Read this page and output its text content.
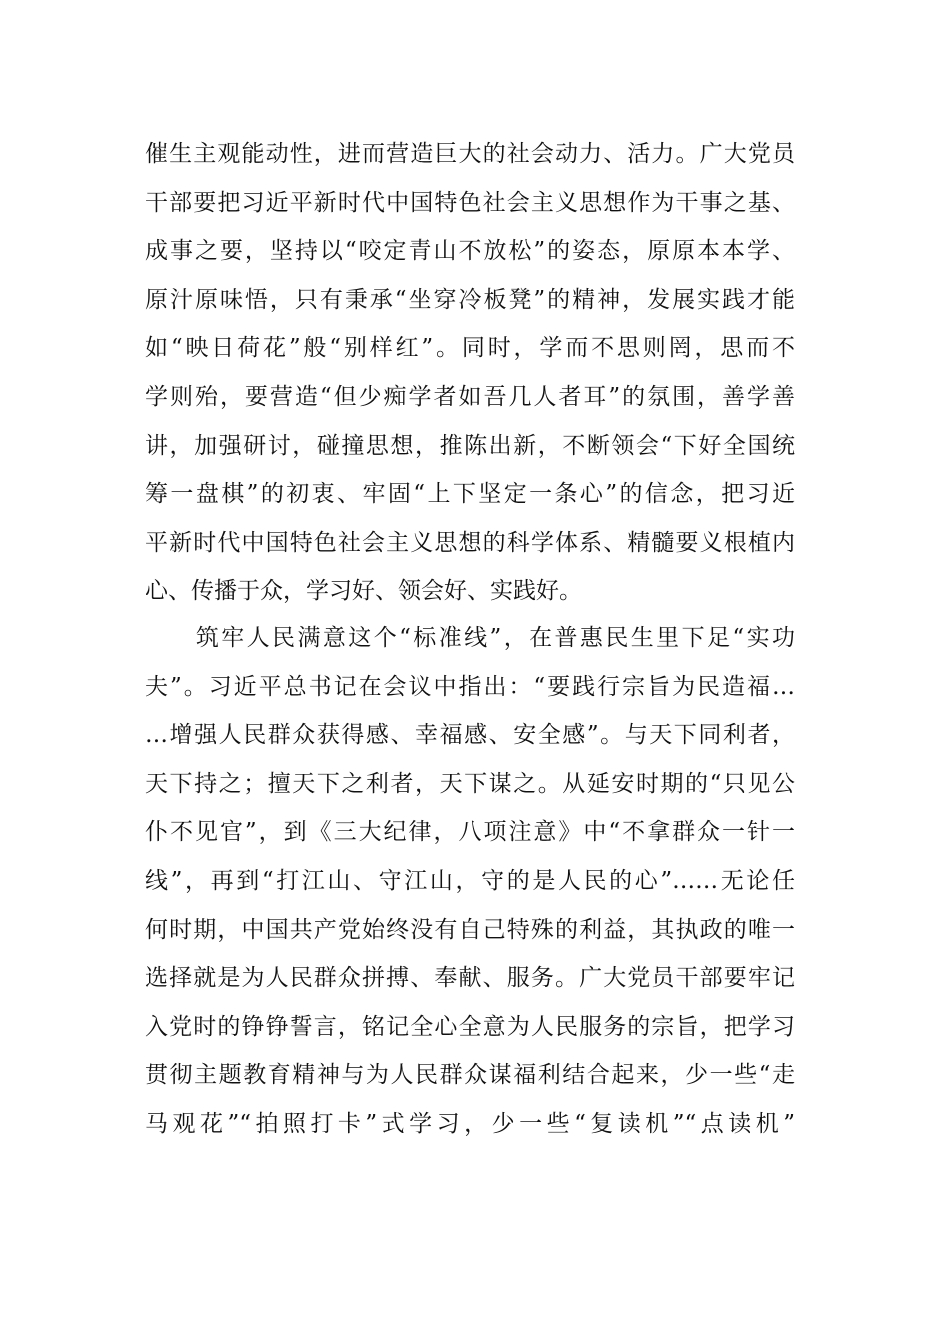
催生主观能动性，进而营造巨大的社会动力、活力。广大党员
干部要把习近平新时代中国特色社会主义思想作为干事之基、
成事之要，坚持以“咬定青山不放松”的姿态，原原本本学、
原汁原味悟，只有秉承“坐穿冷板凳”的精神，发展实践才能
如“映日荷花”般“别样红”。同时，学而不思则罔，思而不
学则殆，要营造“但少痴学者如吾几人者耳”的氛围，善学善
讲，加强研讨，碰撞思想，推陈出新，不断领会“下好全国统
筹一盘棋”的初衷、牢固“上下坚定一条心”的信念，把习近
平新时代中国特色社会主义思想的科学体系、精髓要义根植内
心、传播于众，学习好、领会好、实践好。
　　筑牢人民满意这个“标准线”，在普惠民生里下足“实功
夫”。习近平总书记在会议中指出：“要践行宗旨为民造福…
…增强人民群众获得感、幸福感、安全感”。与天下同利者，
天下持之；擅天下之利者，天下谋之。从延安时期的“只见公
仆不见官”，到《三大纪律，八项注意》中“不拿群众一针一
线”，再到“打江山、守江山，守的是人民的心”……无论任
何时期，中国共产党始终没有自己特殊的利益，其执政的唯一
选择就是为人民群众拼搏、奉献、服务。广大党员干部要牢记
入党时的铮铮誓言，铭记全心全意为人民服务的宗旨，把学习
贯彻主题教育精神与为人民群众谋福利结合起来，少一些“走
马观花”“拍照打卡”式学习，少一些“复读机”“点读机”
